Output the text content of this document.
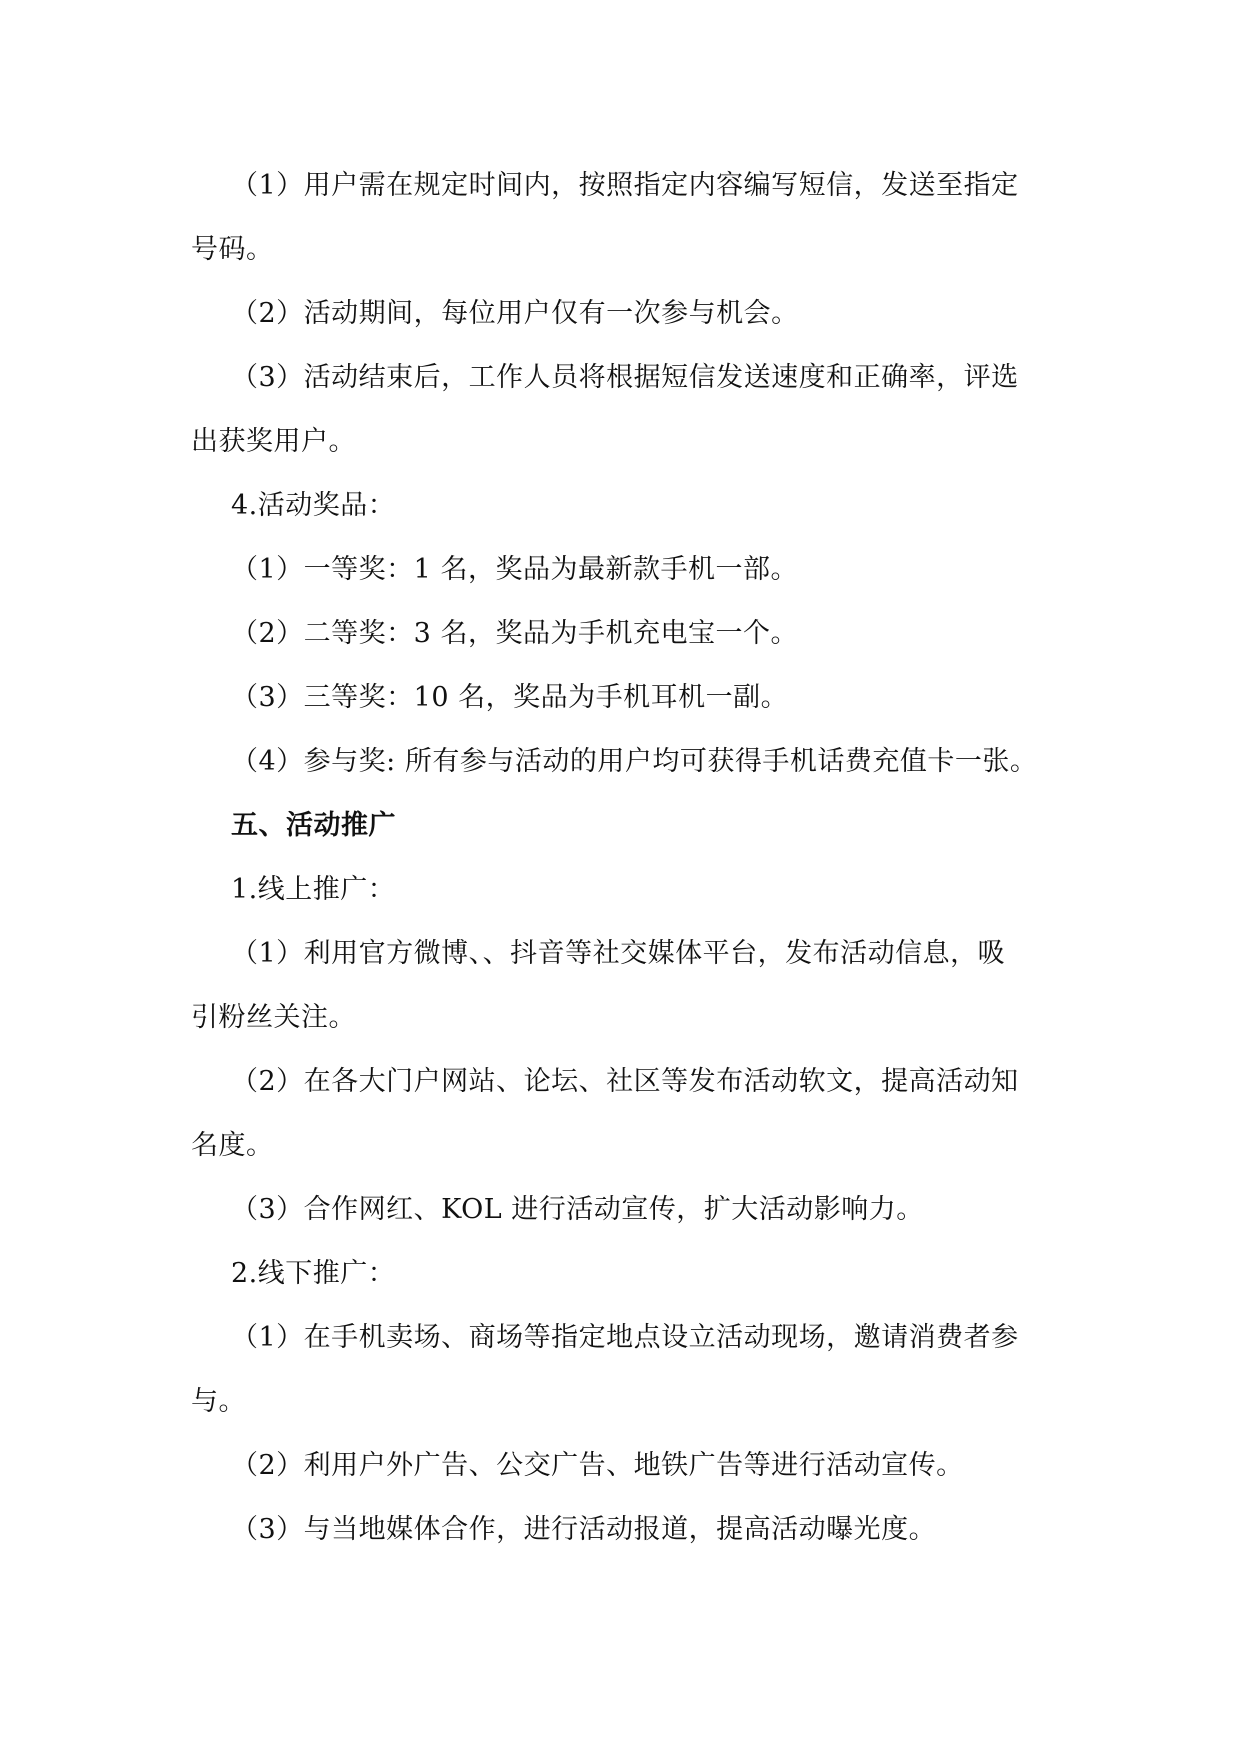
（1）用户需在规定时间内，按照指定内容编写短信，发送至指定

号码。

（2）活动期间，每位用户仅有一次参与机会。

（3）活动结束后，工作人员将根据短信发送速度和正确率，评选

出获奖用户。

4.活动奖品：

（1）一等奖：1 名，奖品为最新款手机一部。

（2）二等奖：3 名，奖品为手机充电宝一个。

（3）三等奖：10 名，奖品为手机耳机一副。

（4）参与奖: 所有参与活动的用户均可获得手机话费充值卡一张。

五、活动推广

1.线上推广：

（1）利用官方微博、、抖音等社交媒体平台，发布活动信息，吸

引粉丝关注。

（2）在各大门户网站、论坛、社区等发布活动软文，提高活动知

名度。

（3）合作网红、KOL 进行活动宣传，扩大活动影响力。

2.线下推广：

（1）在手机卖场、商场等指定地点设立活动现场，邀请消费者参

与。

（2）利用户外广告、公交广告、地铁广告等进行活动宣传。

（3）与当地媒体合作，进行活动报道，提高活动曝光度。
